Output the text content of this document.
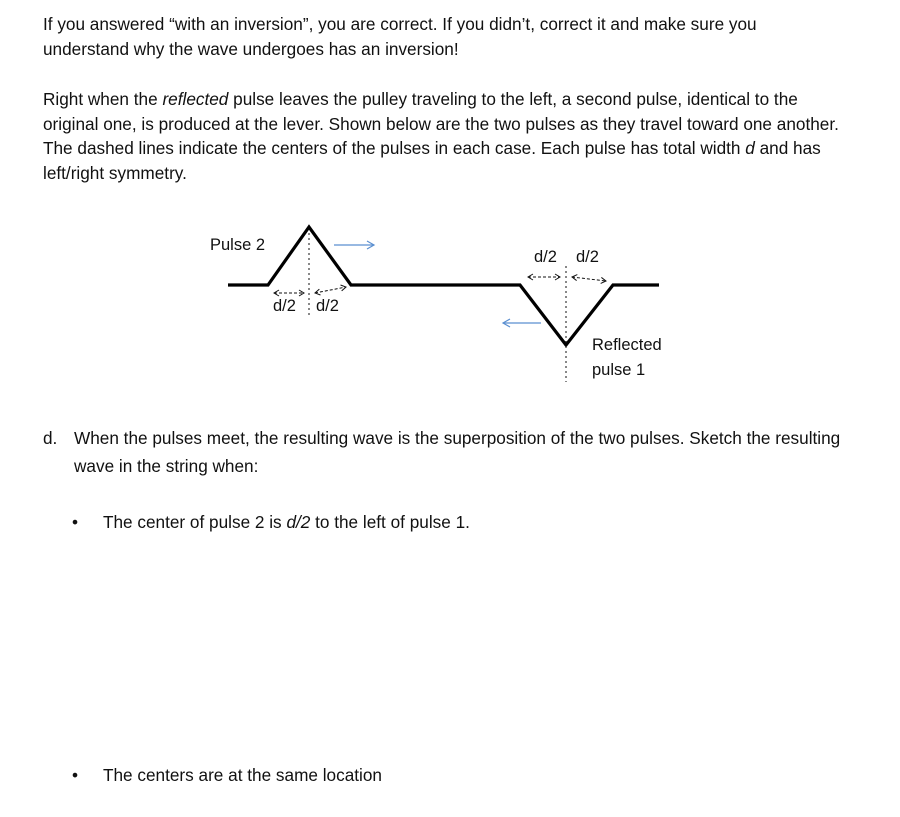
If you answered “with an inversion”, you are correct. If you didn’t, correct it and make sure you understand why the wave undergoes has an inversion!
Right when the reflected pulse leaves the pulley traveling to the left, a second pulse, identical to the original one, is produced at the lever. Shown below are the two pulses as they travel toward one another. The dashed lines indicate the centers of the pulses in each case. Each pulse has total width d and has left/right symmetry.
Pulse 2
d/2 d/2
d/2 d/2
Reflected
pulse 1
d. When the pulses meet, the resulting wave is the superposition of the two pulses. Sketch the resulting wave in the string when:
• The center of pulse 2 is d/2 to the left of pulse 1.
• The centers are at the same location
